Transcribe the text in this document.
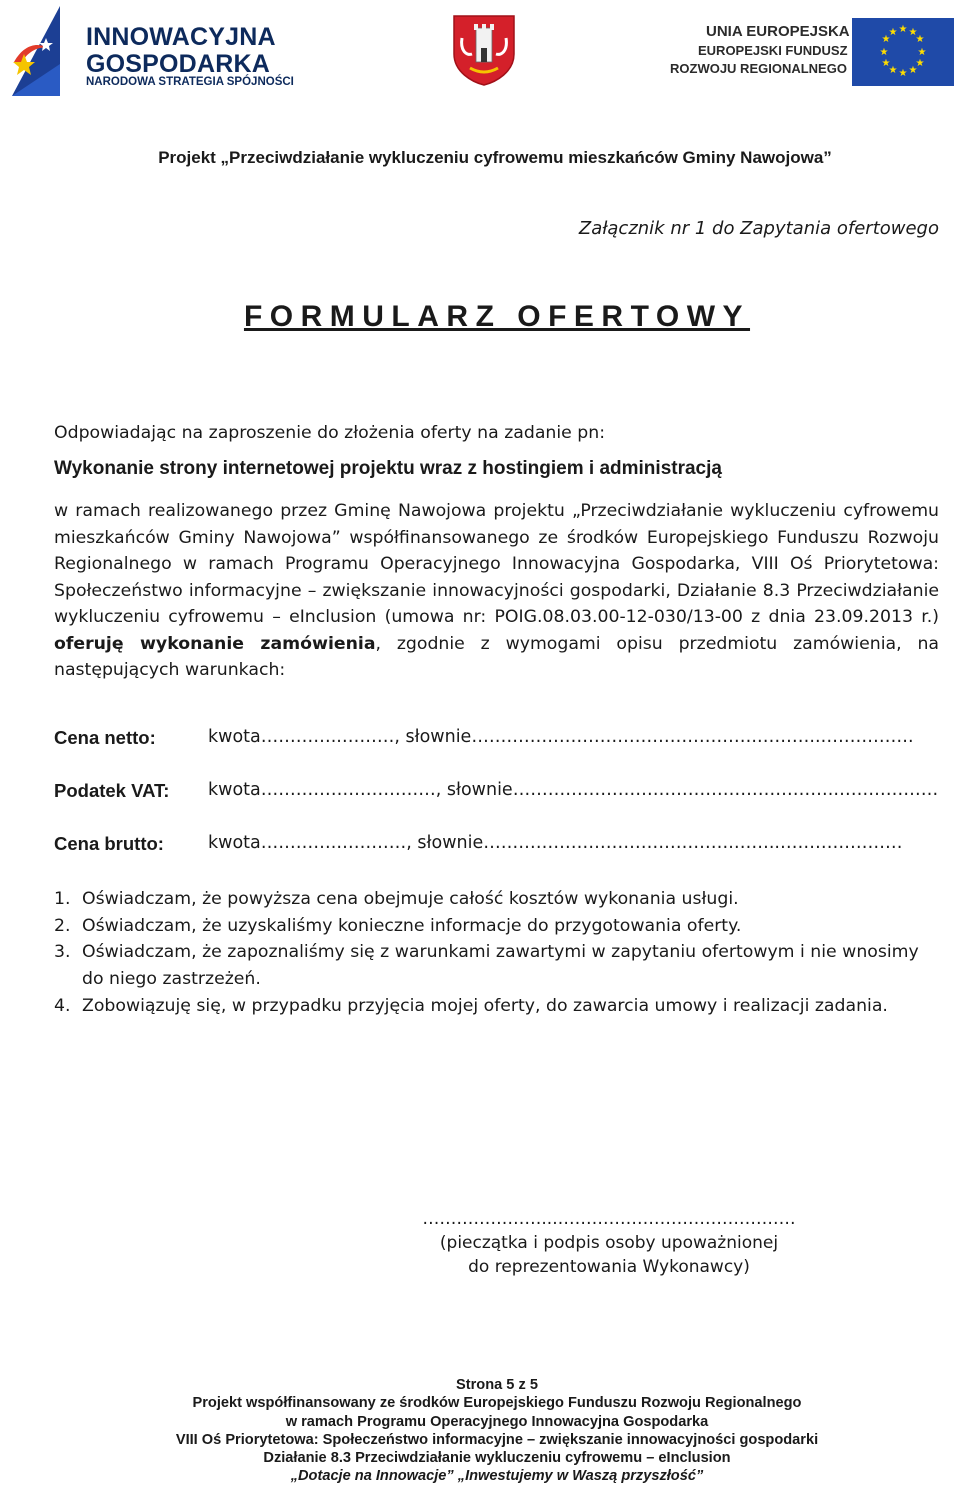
INNOWACYJNA
GOSPODARKA
NARODOWA STRATEGIA SPÓJNOŚCI
UNIA EUROPEJSKA
EUROPEJSKI FUNDUSZ
ROZWOJU REGIONALNEGO
★ ★
★
★
★
★
★
★
★
★
★
★
Projekt „Przeciwdziałanie wykluczeniu cyfrowemu mieszkańców Gminy Nawojowa”
Załącznik nr 1 do Zapytania ofertowego
FORMULARZ OFERTOWY
Odpowiadając na zaproszenie do złożenia oferty na zadanie pn:
Wykonanie strony internetowej projektu wraz z hostingiem i administracją
w ramach realizowanego przez Gminę Nawojowa projektu „Przeciwdziałanie wykluczeniu cyfrowemu mieszkańców Gminy Nawojowa” współfinansowanego ze środków Europejskiego Funduszu Rozwoju Regionalnego w ramach Programu Operacyjnego Innowacyjna Gospodarka, VIII Oś Priorytetowa: Społeczeństwo informacyjne – zwiększanie innowacyjności gospodarki, Działanie 8.3 Przeciwdziałanie wykluczeniu cyfrowemu – eInclusion (umowa nr: POIG.08.03.00-12-030/13-00 z dnia 23.09.2013 r.) oferuję wykonanie zamówienia, zgodnie z wymogami opisu przedmiotu zamówienia, na następujących warunkach:
Cena netto:	kwota…………..………, słownie………………………………………….………..…………….
Podatek VAT: kwota…………………………, słownie……………………………………………….………………
Cena brutto:	kwota………….…………, słownie…………………………………….……..…………………
1. Oświadczam, że powyższa cena obejmuje całość kosztów wykonania usługi.
2. Oświadczam, że uzyskaliśmy konieczne informacje do przygotowania oferty.
3. Oświadczam, że zapoznaliśmy się z warunkami zawartymi w zapytaniu ofertowym i nie wnosimy do niego zastrzeżeń.
4. Zobowiązuję się, w przypadku przyjęcia mojej oferty, do zawarcia umowy i realizacji zadania.
…………………...……………………………………
(pieczątka i podpis osoby upoważnionej
do reprezentowania Wykonawcy)
Strona 5 z 5
Projekt współfinansowany ze środków Europejskiego Funduszu Rozwoju Regionalnego
w ramach Programu Operacyjnego Innowacyjna Gospodarka
VIII Oś Priorytetowa: Społeczeństwo informacyjne – zwiększanie innowacyjności gospodarki
Działanie 8.3 Przeciwdziałanie wykluczeniu cyfrowemu – eInclusion
„Dotacje na Innowacje” „Inwestujemy w Waszą przyszłość”
